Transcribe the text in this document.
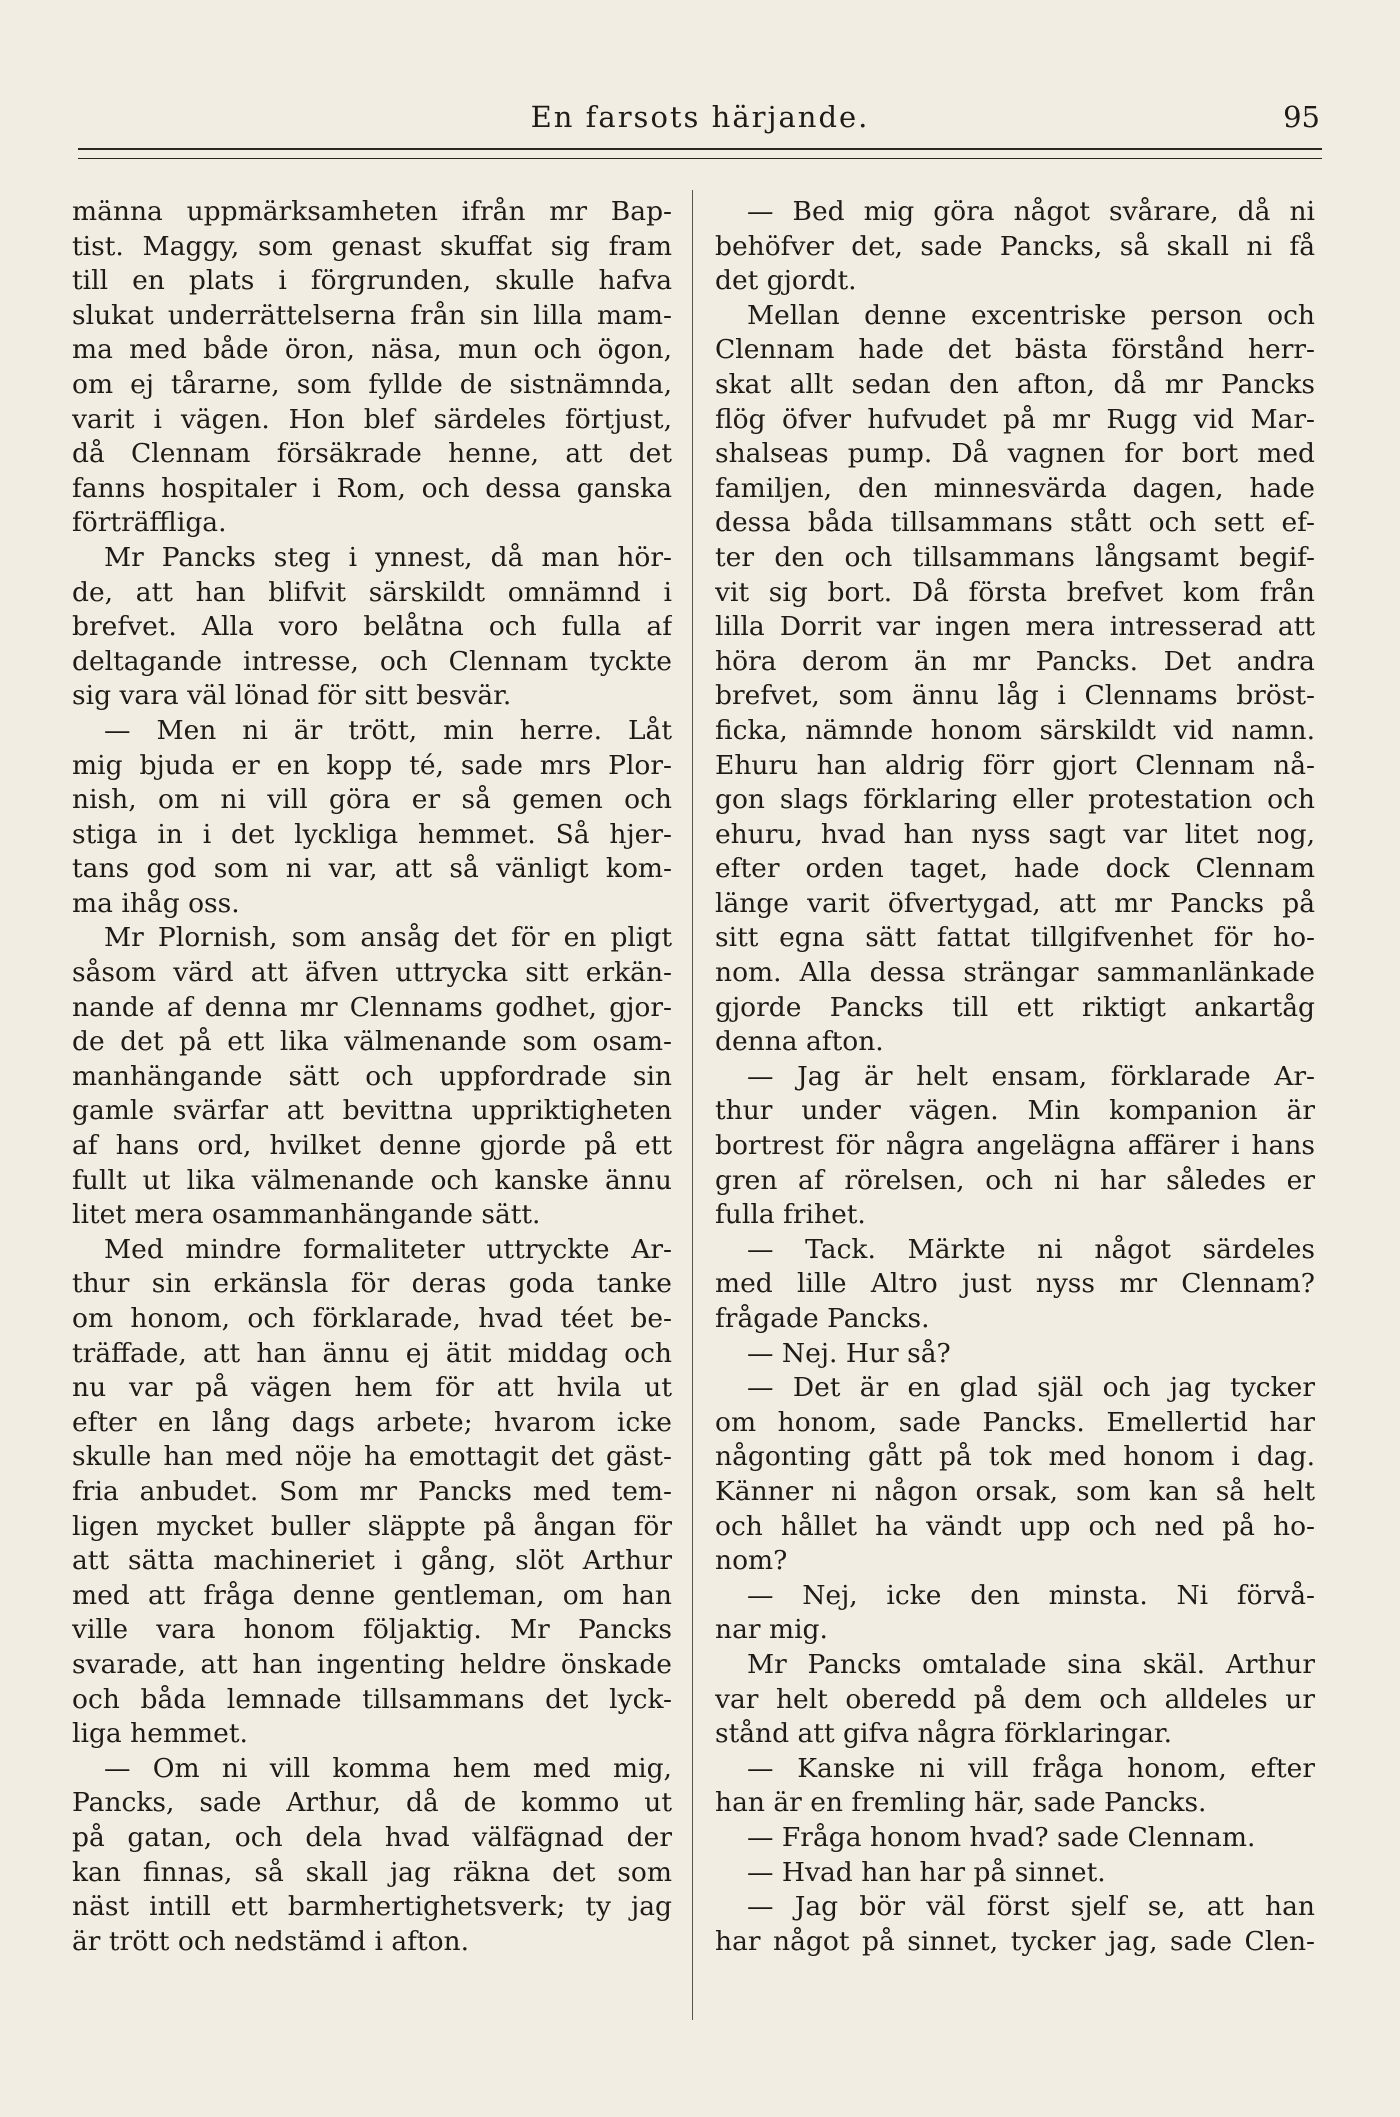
En farsots härjande.	95
männa uppmärksamheten ifrån mr Bap-
tist. Maggy, som genast skuffat sig fram
till en plats i förgrunden, skulle hafva
slukat underrättelserna från sin lilla mam-
ma med både öron, näsa, mun och ögon,
om ej tårarne, som fyllde de sistnämnda,
varit i vägen. Hon blef särdeles förtjust,
då Clennam försäkrade henne, att det
fanns hospitaler i Rom, och dessa ganska
förträffliga.
Mr Pancks steg i ynnest, då man hör-
de, att han blifvit särskildt omnämnd i
brefvet. Alla voro belåtna och fulla af
deltagande intresse, och Clennam tyckte
sig vara väl lönad för sitt besvär.
— Men ni är trött, min herre. Låt
mig bjuda er en kopp té, sade mrs Plor-
nish, om ni vill göra er så gemen och
stiga in i det lyckliga hemmet. Så hjer-
tans god som ni var, att så vänligt kom-
ma ihåg oss.
Mr Plornish, som ansåg det för en pligt
såsom värd att äfven uttrycka sitt erkän-
nande af denna mr Clennams godhet, gjor-
de det på ett lika välmenande som osam-
manhängande sätt och uppfordrade sin
gamle svärfar att bevittna uppriktigheten
af hans ord, hvilket denne gjorde på ett
fullt ut lika välmenande och kanske ännu
litet mera osammanhängande sätt.
Med mindre formaliteter uttryckte Ar-
thur sin erkänsla för deras goda tanke
om honom, och förklarade, hvad téet be-
träffade, att han ännu ej ätit middag och
nu var på vägen hem för att hvila ut
efter en lång dags arbete; hvarom icke
skulle han med nöje ha emottagit det gäst-
fria anbudet. Som mr Pancks med tem-
ligen mycket buller släppte på ångan för
att sätta machineriet i gång, slöt Arthur
med att fråga denne gentleman, om han
ville vara honom följaktig. Mr Pancks
svarade, att han ingenting heldre önskade
och båda lemnade tillsammans det lyck-
liga hemmet.
— Om ni vill komma hem med mig,
Pancks, sade Arthur, då de kommo ut
på gatan, och dela hvad välfägnad der
kan finnas, så skall jag räkna det som
näst intill ett barmhertighetsverk; ty jag
är trött och nedstämd i afton.
— Bed mig göra något svårare, då ni
behöfver det, sade Pancks, så skall ni få
det gjordt.
Mellan denne excentriske person och
Clennam hade det bästa förstånd herr-
skat allt sedan den afton, då mr Pancks
flög öfver hufvudet på mr Rugg vid Mar-
shalseas pump. Då vagnen for bort med
familjen, den minnesvärda dagen, hade
dessa båda tillsammans stått och sett ef-
ter den och tillsammans långsamt begif-
vit sig bort. Då första brefvet kom från
lilla Dorrit var ingen mera intresserad att
höra derom än mr Pancks. Det andra
brefvet, som ännu låg i Clennams bröst-
ficka, nämnde honom särskildt vid namn.
Ehuru han aldrig förr gjort Clennam nå-
gon slags förklaring eller protestation och
ehuru, hvad han nyss sagt var litet nog,
efter orden taget, hade dock Clennam
länge varit öfvertygad, att mr Pancks på
sitt egna sätt fattat tillgifvenhet för ho-
nom. Alla dessa strängar sammanlänkade
gjorde Pancks till ett riktigt ankartåg
denna afton.
— Jag är helt ensam, förklarade Ar-
thur under vägen. Min kompanion är
bortrest för några angelägna affärer i hans
gren af rörelsen, och ni har således er
fulla frihet.
— Tack. Märkte ni något särdeles
med lille Altro just nyss mr Clennam?
frågade Pancks.
— Nej. Hur så?
— Det är en glad själ och jag tycker
om honom, sade Pancks. Emellertid har
någonting gått på tok med honom i dag.
Känner ni någon orsak, som kan så helt
och hållet ha vändt upp och ned på ho-
nom?
— Nej, icke den minsta. Ni förvå-
nar mig.
Mr Pancks omtalade sina skäl. Arthur
var helt oberedd på dem och alldeles ur
stånd att gifva några förklaringar.
— Kanske ni vill fråga honom, efter
han är en fremling här, sade Pancks.
— Fråga honom hvad? sade Clennam.
— Hvad han har på sinnet.
— Jag bör väl först sjelf se, att han
har något på sinnet, tycker jag, sade Clen-
